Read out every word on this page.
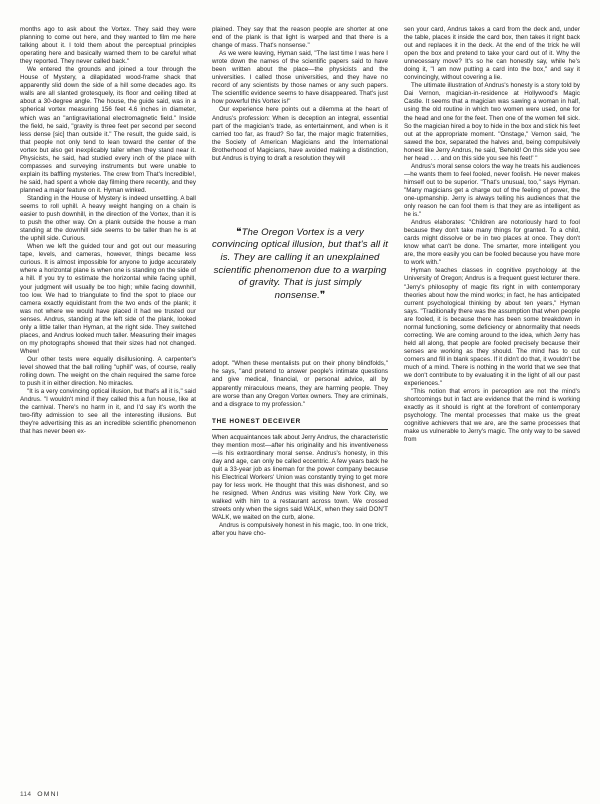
months ago to ask about the Vortex. They said they were planning to come out here, and they wanted to film me here talking about it. I told them about the perceptual principles operating here and basically warned them to be careful what they reported. They never called back."

We entered the grounds and joined a tour through the House of Mystery, a dilapidated wood-frame shack that apparently slid down the side of a hill some decades ago. Its walls are all slanted grotesquely, its floor and ceiling tilted at about a 30-degree angle. The house, the guide said, was in a spherical vortex measuring 156 feet 4.6 inches in diameter, which was an "antigravitational electromagnetic field." Inside the field, he said, "gravity is three feet per second per second less dense [sic] than outside it." The result, the guide said, is that people not only tend to lean toward the center of the vortex but also get inexplicably taller when they stand near it. Physicists, he said, had studied every inch of the place with compasses and surveying instruments but were unable to explain its baffling mysteries. The crew from That's Incredible!, he said, had spent a whole day filming there recently, and they planned a major feature on it. Hyman winked.

Standing in the House of Mystery is indeed unsettling. A ball seems to roll uphill. A heavy weight hanging on a chain is easier to push downhill, in the direction of the Vortex, than it is to push the other way. On a plank outside the house a man standing at the downhill side seems to be taller than he is at the uphill side. Curious.

When we left the guided tour and got out our measuring tape, levels, and cameras, however, things became less curious. It is almost impossible for anyone to judge accurately where a horizontal plane is when one is standing on the side of a hill. If you try to estimate the horizontal while facing uphill, your judgment will usually be too high; while facing downhill, too low. We had to triangulate to find the spot to place our camera exactly equidistant from the two ends of the plank; it was not where we would have placed it had we trusted our senses. Andrus, standing at the left side of the plank, looked only a little taller than Hyman, at the right side. They switched places, and Andrus looked much taller. Measuring their images on my photographs showed that their sizes had not changed. Whew!

Our other tests were equally disillusioning. A carpenter's level showed that the ball rolling "uphill" was, of course, really rolling down. The weight on the chain required the same force to push it in either direction. No miracles.

"It is a very convincing optical illusion, but that's all it is," said Andrus. "I wouldn't mind if they called this a fun house, like at the carnival. There's no harm in it, and I'd say it's worth the two-fifty admission to see all the interesting illusions. But they're advertising this as an incredible scientific phenomenon that has never been ex-

plained. They say that the reason people are shorter at one end of the plank is that light is warped and that there is a change of mass. That's nonsense."

As we were leaving, Hyman said, "The last time I was here I wrote down the names of the scientific papers said to have been written about the place—the physicists and the universities. I called those universities, and they have no record of any scientists by those names or any such papers. The scientific evidence seems to have disappeared. That's just how powerful this Vortex is!"

Our experience here points out a dilemma at the heart of Andrus's profession: When is deception an integral, essential part of the magician's trade, as entertainment, and when is it carried too far, as fraud? So far, the major magic fraternities, the Society of American Magicians and the International Brotherhood of Magicians, have avoided making a distinction, but Andrus is trying to draft a resolution they will

❝The Oregon Vortex is a very convincing optical illusion, but that's all it is. They are calling it an unexplained scientific phenomenon due to a warping of gravity. That is just simply nonsense.❞

adopt. "When these mentalists put on their phony blindfolds," he says, "and pretend to answer people's intimate questions and give medical, financial, or personal advice, all by apparently miraculous means, they are harming people. They are worse than any Oregon Vortex owners. They are criminals, and a disgrace to my profession."

THE HONEST DECEIVER

When acquaintances talk about Jerry Andrus, the characteristic they mention most—after his originality and his inventiveness—is his extraordinary moral sense. Andrus's honesty, in this day and age, can only be called eccentric. A few years back he quit a 33-year job as lineman for the power company because his Electrical Workers' Union was constantly trying to get more pay for less work. He thought that this was dishonest, and so he resigned. When Andrus was visiting New York City, we walked with him to a restaurant across town. We crossed streets only when the signs said WALK, when they said DON'T WALK, we waited on the curb, alone.

Andrus is compulsively honest in his magic, too. In one trick, after you have cho-

sen your card, Andrus takes a card from the deck and, under the table, places it inside the card box, then takes it right back out and replaces it in the deck. At the end of the trick he will open the box and pretend to take your card out of it. Why the unnecessary move? It's so he can honestly say, while he's doing it, "I am now putting a card into the box," and say it convincingly, without covering a lie.

The ultimate illustration of Andrus's honesty is a story told by Dai Vernon, magician-in-residence at Hollywood's Magic Castle. It seems that a magician was sawing a woman in half, using the old routine in which two women were used, one for the head and one for the feet. Then one of the women fell sick. So the magician hired a boy to hide in the box and stick his feet out at the appropriate moment. "Onstage," Vernon said, "he sawed the box, separated the halves and, being compulsively honest like Jerry Andrus, he said, 'Behold! On this side you see her head . . . and on this side you see his feet!' "

Andrus's moral sense colors the way he treats his audiences—he wants them to feel fooled, never foolish. He never makes himself out to be superior. "That's unusual, too," says Hyman. "Many magicians get a charge out of the feeling of power, the one-upmanship. Jerry is always telling his audiences that the only reason he can fool them is that they are as intelligent as he is."

Andrus elaborates: "Children are notoriously hard to fool because they don't take many things for granted. To a child, cards might dissolve or be in two places at once. They don't know what can't be done. The smarter, more intelligent you are, the more easily you can be fooled because you have more to work with."

Hyman teaches classes in cognitive psychology at the University of Oregon; Andrus is a frequent guest lecturer there. "Jerry's philosophy of magic fits right in with contemporary theories about how the mind works; in fact, he has anticipated current psychological thinking by about ten years," Hyman says. "Traditionally there was the assumption that when people are fooled, it is because there has been some breakdown in normal functioning, some deficiency or abnormality that needs correcting. We are coming around to the idea, which Jerry has held all along, that people are fooled precisely because their senses are working as they should. The mind has to cut corners and fill in blank spaces. If it didn't do that, it wouldn't be much of a mind. There is nothing in the world that we see that we don't contribute to by evaluating it in the light of all our past experiences."

"This notion that errors in perception are not the mind's shortcomings but in fact are evidence that the mind is working exactly as it should is right at the forefront of contemporary psychology. The mental processes that make us the great cognitive achievers that we are, are the same processes that make us vulnerable to Jerry's magic. The only way to be saved from

114 OMNI
